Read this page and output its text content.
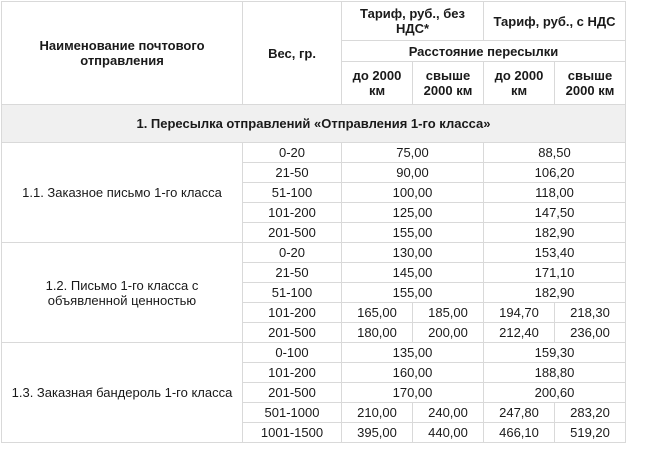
Наименование почтового отправления	Вес, гр.	Тариф, руб., без НДС*		Тариф, руб., с НДС	
		Расстояние пересылки			
		до 2000 км	свыше 2000 км	до 2000 км	свыше 2000 км
1. Пересылка отправлений «Отправления 1-го класса»					
1.1. Заказное письмо 1-го класса	0-20	75,00		88,50	
	21-50	90,00		106,20	
	51-100	100,00		118,00	
	101-200	125,00		147,50	
	201-500	155,00		182,90	
1.2. Письмо 1-го класса с объявленной ценностью	0-20	130,00		153,40	
	21-50	145,00		171,10	
	51-100	155,00		182,90	
	101-200	165,00	185,00	194,70	218,30
	201-500	180,00	200,00	212,40	236,00
1.3. Заказная бандероль 1-го класса	0-100	135,00		159,30	
	101-200	160,00		188,80	
	201-500	170,00		200,60	
	501-1000	210,00	240,00	247,80	283,20
	1001-1500	395,00	440,00	466,10	519,20
